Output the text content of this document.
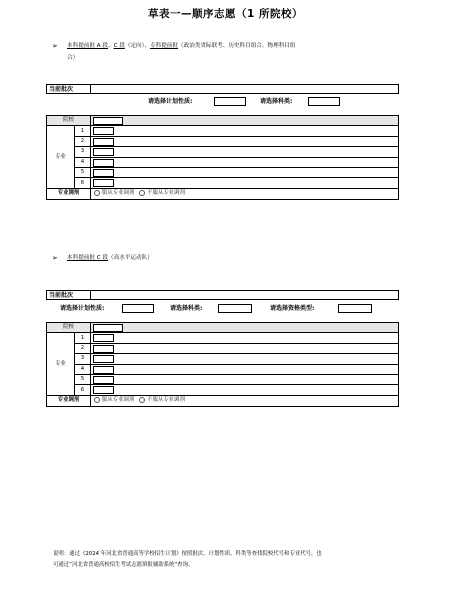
草表一—顺序志愿（1 所院校）
➢ 本科提前批 A 段、C 段（定向）、专科提前批（政治类省际联考、历史科目组合、物理科目组
合）
当前批次
请选择计划性质:	请选择科类:
院校		

专业	1	

	2	

	3	

	4	

	5	

	6	

专业调剂		服从专业调剂 不服从专业调剂
➢ 本科提前批 C 段（高水平运动队）
当前批次
请选择计划性质:	请选择科类:	请选择资格类型:
院校		

专业	1	

	2	

	3	

	4	

	5	

	6	

专业调剂		服从专业调剂 不服从专业调剂
说明：通过《2024 年河北省普通高等学校招生计划》按照批次、计划性质、科类等查找院校代号和专业代号，也
可通过“河北省普通高校招生考试志愿填报辅助系统”查询。
